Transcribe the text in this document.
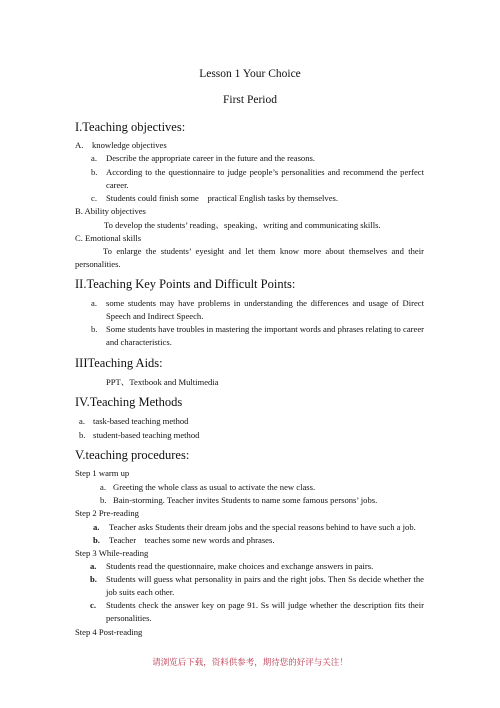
Lesson 1 Your Choice
First Period
I.Teaching objectives:
A. knowledge objectives
a. Describe the appropriate career in the future and the reasons.
b. According to the questionnaire to judge people’s personalities and recommend the perfect career.
c. Students could finish some    practical English tasks by themselves.
B. Ability objectives
To develop the students’ reading、speaking、writing and communicating skills.
C. Emotional skills
To enlarge the students’ eyesight and let them know more about themselves and their personalities.
II.Teaching Key Points and Difficult Points:
a. some students may have problems in understanding the differences and usage of Direct Speech and Indirect Speech.
b. Some students have troubles in mastering the important words and phrases relating to career and characteristics.
IIITeaching Aids:
PPT、Textbook and Multimedia
IV.Teaching Methods
a. task-based teaching method
b. student-based teaching method
V.teaching procedures:
Step 1 warm up
a. Greeting the whole class as usual to activate the new class.
b. Bain-storming. Teacher invites Students to name some famous persons’ jobs.
Step 2 Pre-reading
a. Teacher asks Students their dream jobs and the special reasons behind to have such a job.
b. Teacher    teaches some new words and phrases.
Step 3 While-reading
a. Students read the questionnaire, make choices and exchange answers in pairs.
b. Students will guess what personality in pairs and the right jobs. Then Ss decide whether the job suits each other.
c. Students check the answer key on page 91. Ss will judge whether the description fits their personalities.
Step 4 Post-reading
请浏览后下载，资料供参考，期待您的好评与关注！
